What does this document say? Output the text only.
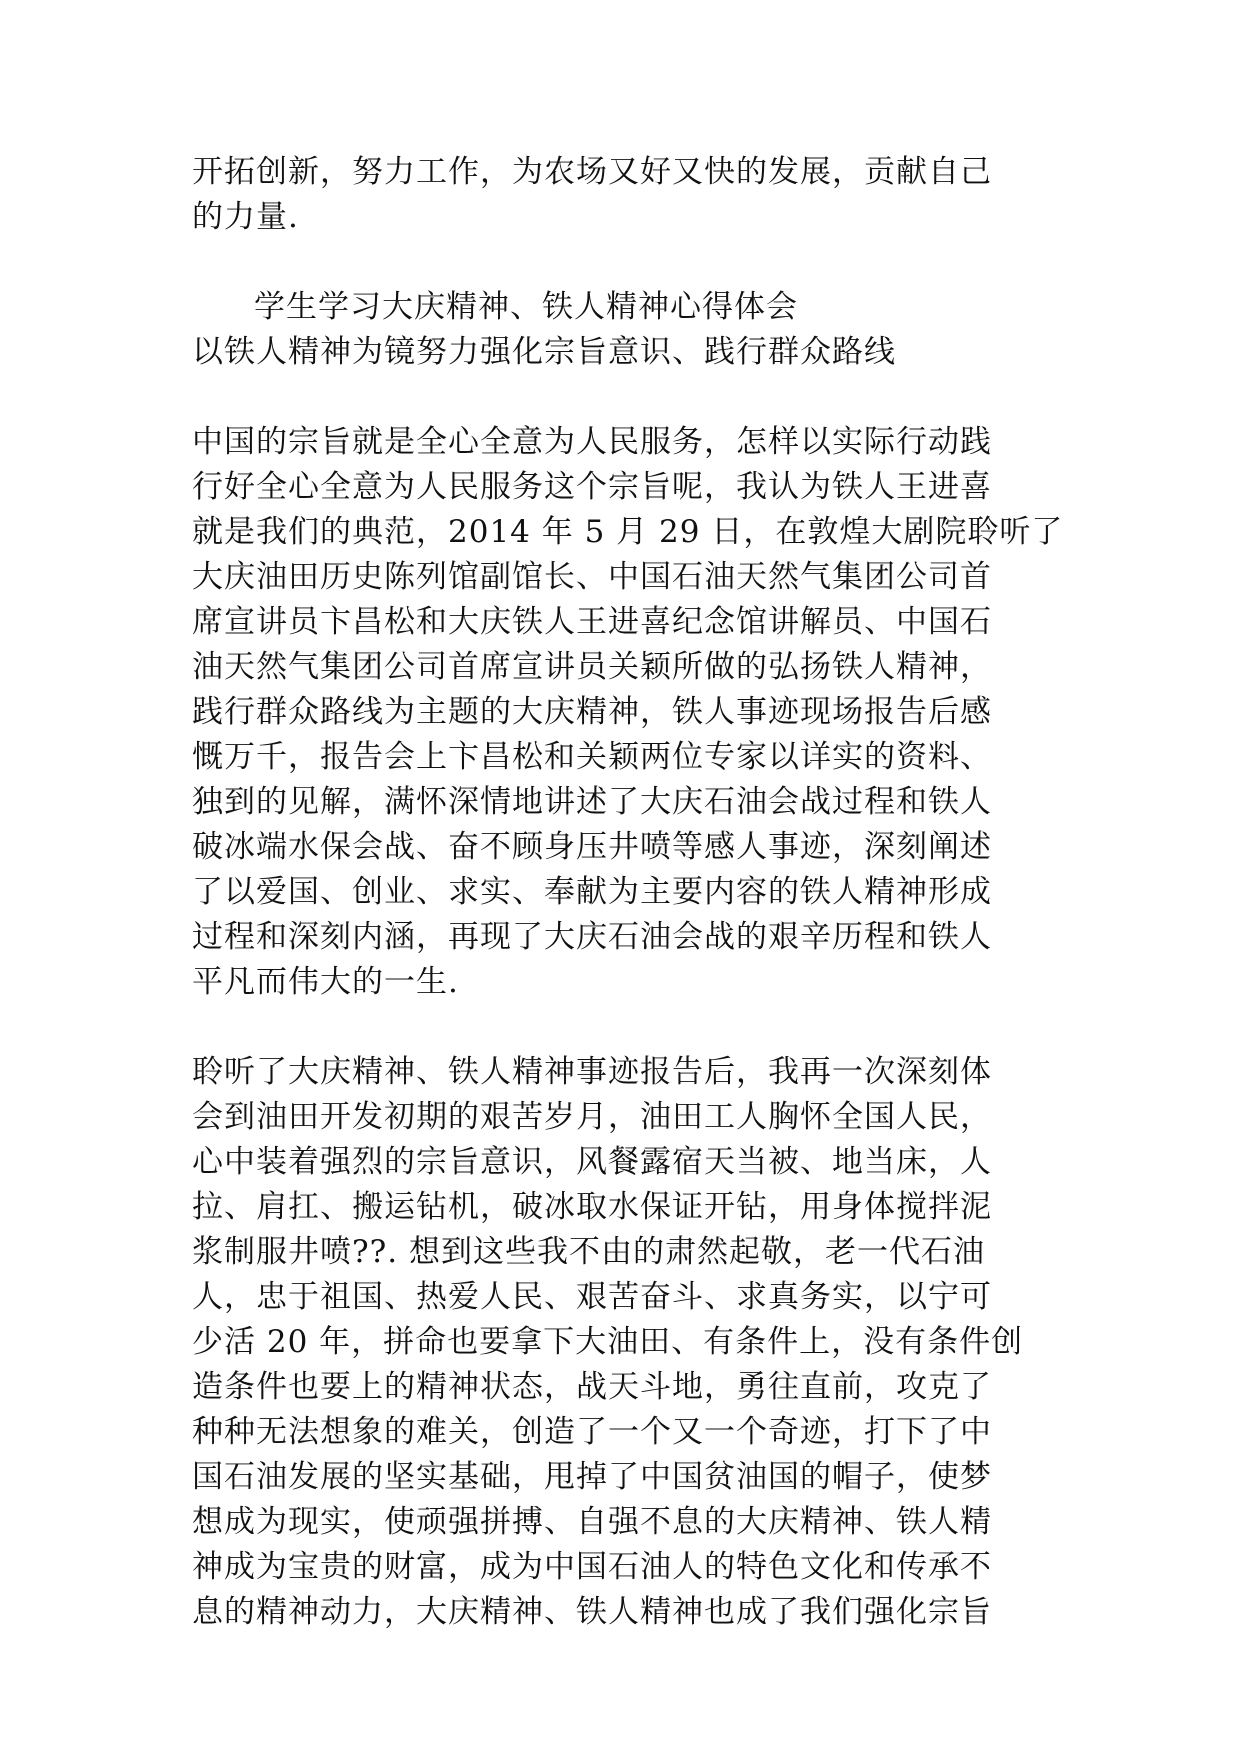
开拓创新，努力工作，为农场又好又快的发展，贡献自己
的力量.
学生学习大庆精神、铁人精神心得体会
以铁人精神为镜努力强化宗旨意识、践行群众路线
中国的宗旨就是全心全意为人民服务，怎样以实际行动践
行好全心全意为人民服务这个宗旨呢，我认为铁人王进喜
就是我们的典范，2014 年 5 月 29 日，在敦煌大剧院聆听了
大庆油田历史陈列馆副馆长、中国石油天然气集团公司首
席宣讲员卞昌松和大庆铁人王进喜纪念馆讲解员、中国石
油天然气集团公司首席宣讲员关颖所做的弘扬铁人精神，
践行群众路线为主题的大庆精神，铁人事迹现场报告后感
慨万千，报告会上卞昌松和关颖两位专家以详实的资料、
独到的见解，满怀深情地讲述了大庆石油会战过程和铁人
破冰端水保会战、奋不顾身压井喷等感人事迹，深刻阐述
了以爱国、创业、求实、奉献为主要内容的铁人精神形成
过程和深刻内涵，再现了大庆石油会战的艰辛历程和铁人
平凡而伟大的一生.
聆听了大庆精神、铁人精神事迹报告后，我再一次深刻体
会到油田开发初期的艰苦岁月，油田工人胸怀全国人民，
心中装着强烈的宗旨意识，风餐露宿天当被、地当床，人
拉、肩扛、搬运钻机，破冰取水保证开钻，用身体搅拌泥
浆制服井喷??. 想到这些我不由的肃然起敬，老一代石油
人，忠于祖国、热爱人民、艰苦奋斗、求真务实，以宁可
少活 20 年，拼命也要拿下大油田、有条件上，没有条件创
造条件也要上的精神状态，战天斗地，勇往直前，攻克了
种种无法想象的难关，创造了一个又一个奇迹，打下了中
国石油发展的坚实基础，甩掉了中国贫油国的帽子，使梦
想成为现实，使顽强拼搏、自强不息的大庆精神、铁人精
神成为宝贵的财富，成为中国石油人的特色文化和传承不
息的精神动力，大庆精神、铁人精神也成了我们强化宗旨
